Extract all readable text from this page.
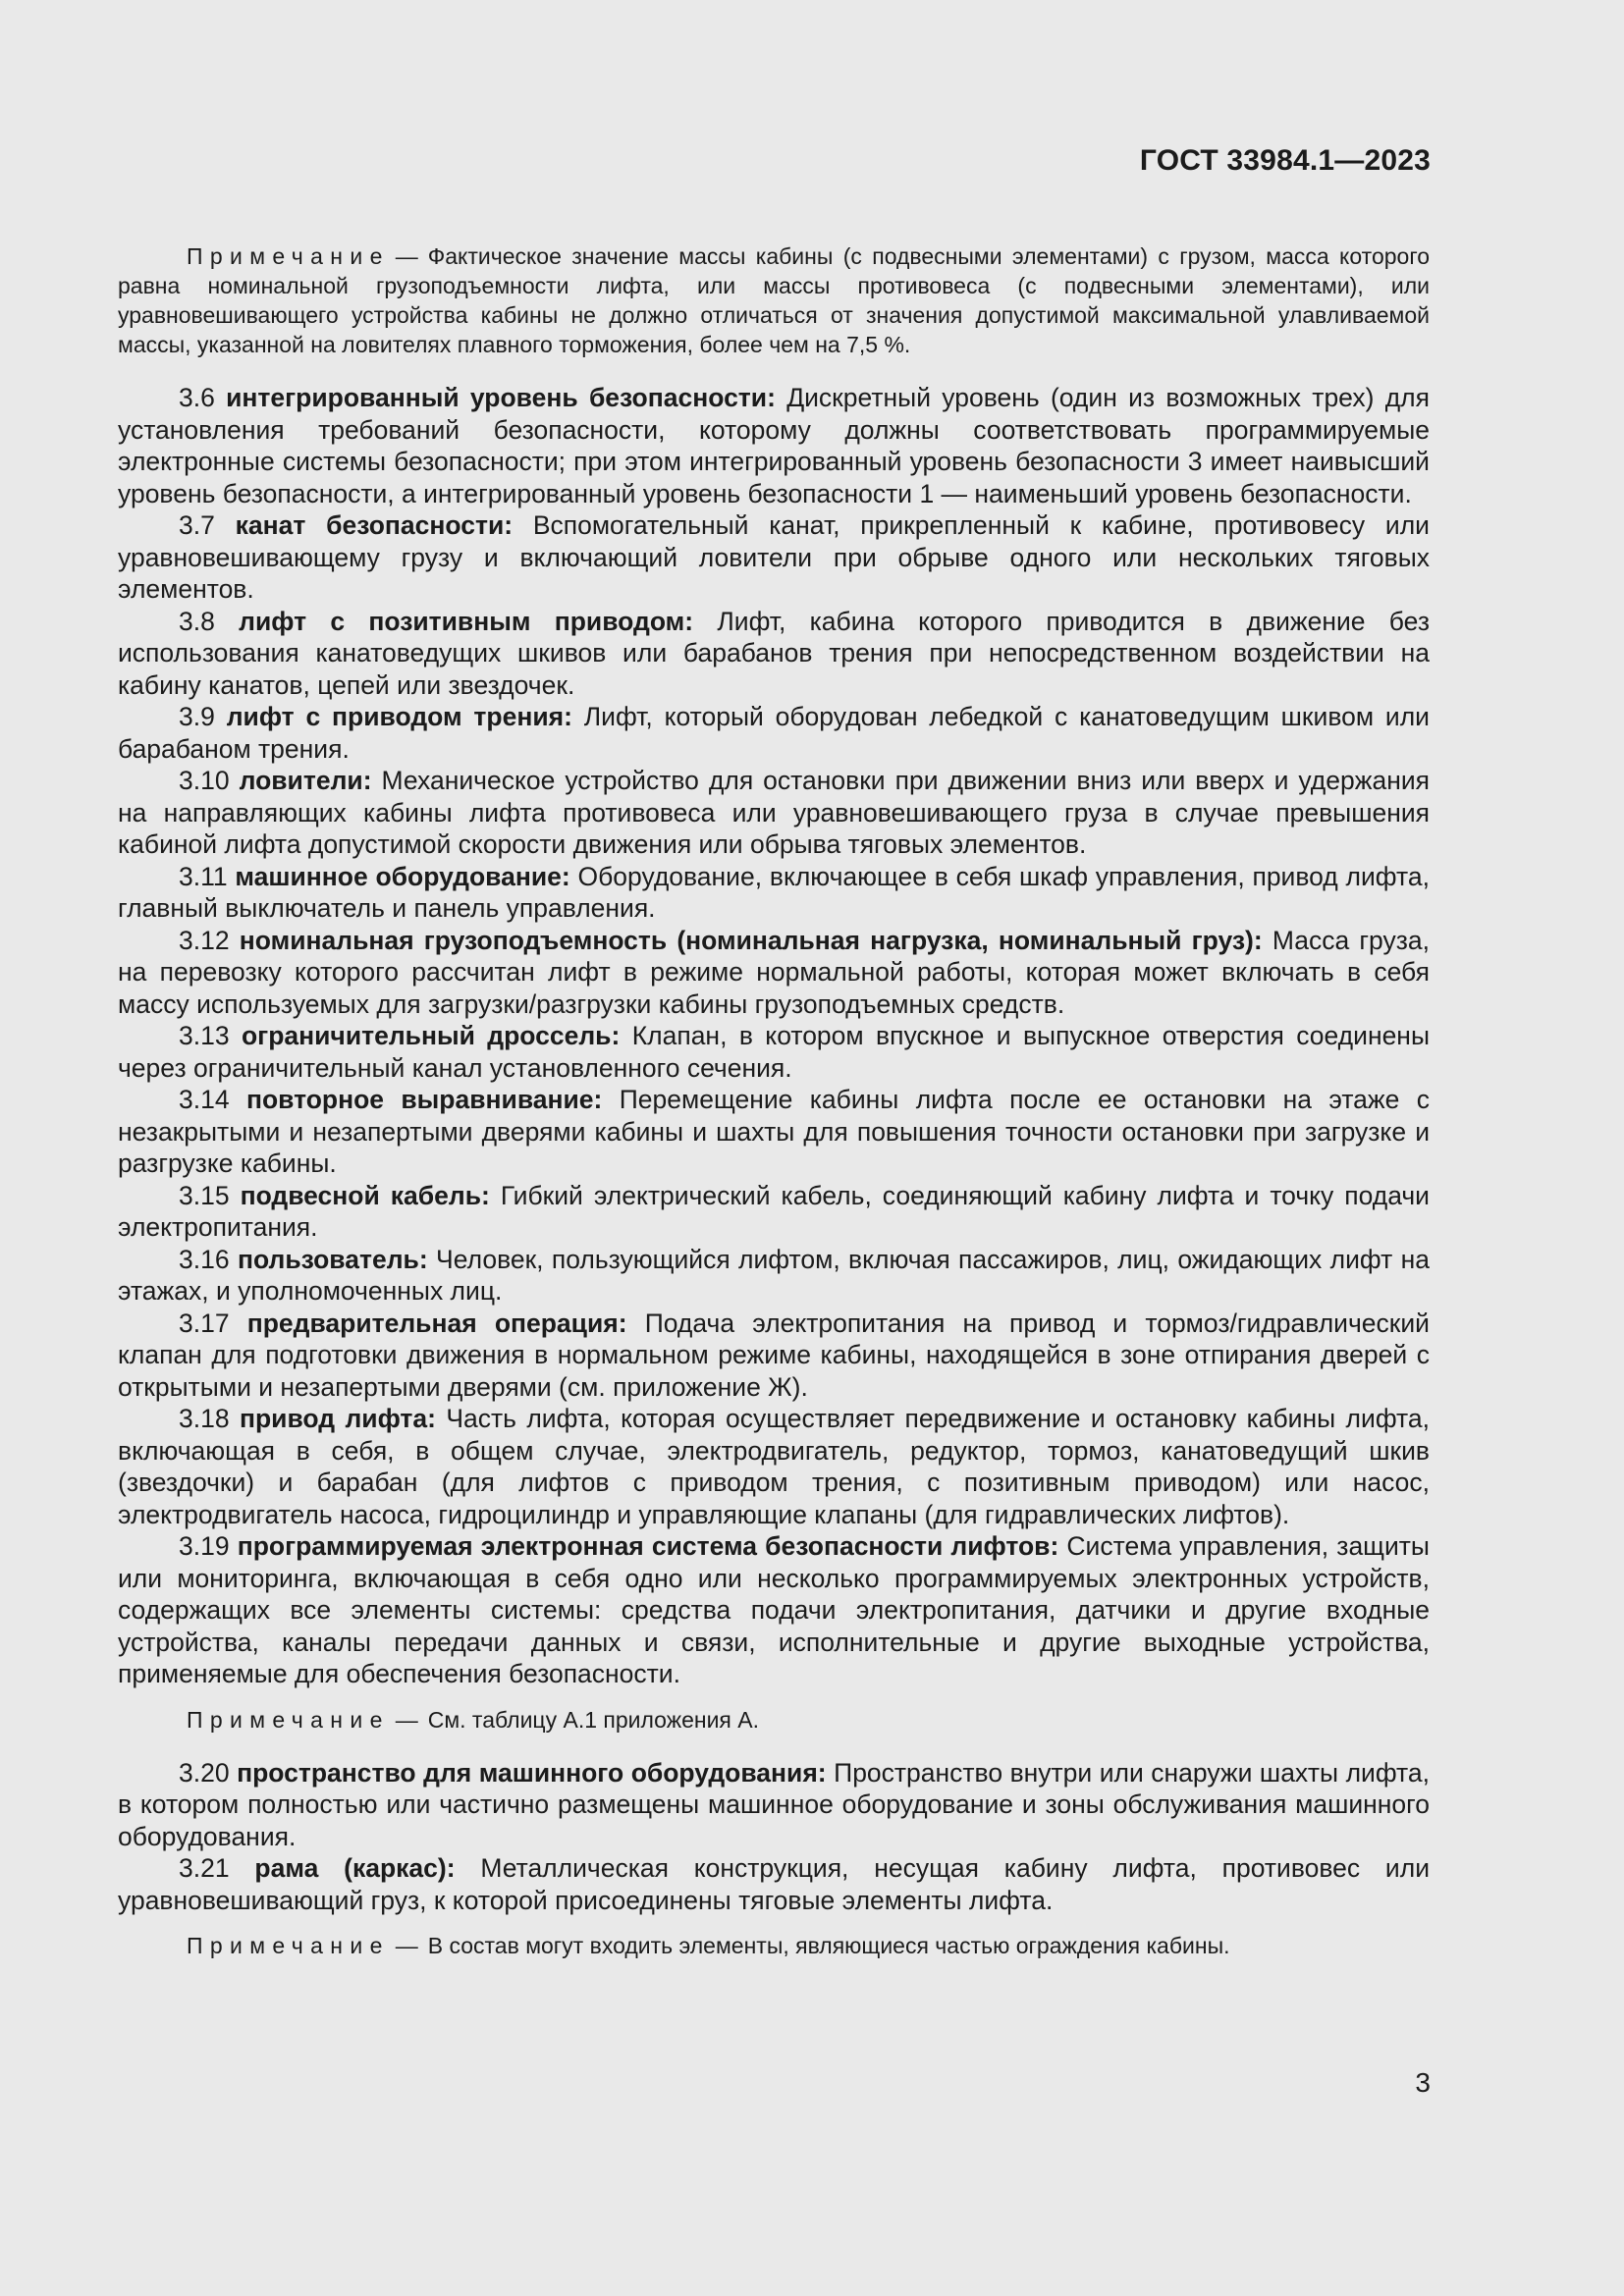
ГОСТ 33984.1—2023

Примечание — Фактическое значение массы кабины (с подвесными элементами) с грузом, масса которого равна номинальной грузоподъемности лифта, или массы противовеса (с подвесными элементами), или уравновешивающего устройства кабины не должно отличаться от значения допустимой максимальной улавливаемой массы, указанной на ловителях плавного торможения, более чем на 7,5 %.

3.6 интегрированный уровень безопасности: Дискретный уровень (один из возможных трех) для установления требований безопасности, которому должны соответствовать программируемые электронные системы безопасности; при этом интегрированный уровень безопасности 3 имеет наивысший уровень безопасности, а интегрированный уровень безопасности 1 — наименьший уровень безопасности.

3.7 канат безопасности: Вспомогательный канат, прикрепленный к кабине, противовесу или уравновешивающему грузу и включающий ловители при обрыве одного или нескольких тяговых элементов.

3.8 лифт с позитивным приводом: Лифт, кабина которого приводится в движение без использования канатоведущих шкивов или барабанов трения при непосредственном воздействии на кабину канатов, цепей или звездочек.

3.9 лифт с приводом трения: Лифт, который оборудован лебедкой с канатоведущим шкивом или барабаном трения.

3.10 ловители: Механическое устройство для остановки при движении вниз или вверх и удержания на направляющих кабины лифта противовеса или уравновешивающего груза в случае превышения кабиной лифта допустимой скорости движения или обрыва тяговых элементов.

3.11 машинное оборудование: Оборудование, включающее в себя шкаф управления, привод лифта, главный выключатель и панель управления.

3.12 номинальная грузоподъемность (номинальная нагрузка, номинальный груз): Масса груза, на перевозку которого рассчитан лифт в режиме нормальной работы, которая может включать в себя массу используемых для загрузки/разгрузки кабины грузоподъемных средств.

3.13 ограничительный дроссель: Клапан, в котором впускное и выпускное отверстия соединены через ограничительный канал установленного сечения.

3.14 повторное выравнивание: Перемещение кабины лифта после ее остановки на этаже с незакрытыми и незапертыми дверями кабины и шахты для повышения точности остановки при загрузке и разгрузке кабины.

3.15 подвесной кабель: Гибкий электрический кабель, соединяющий кабину лифта и точку подачи электропитания.

3.16 пользователь: Человек, пользующийся лифтом, включая пассажиров, лиц, ожидающих лифт на этажах, и уполномоченных лиц.

3.17 предварительная операция: Подача электропитания на привод и тормоз/гидравлический клапан для подготовки движения в нормальном режиме кабины, находящейся в зоне отпирания дверей с открытыми и незапертыми дверями (см. приложение Ж).

3.18 привод лифта: Часть лифта, которая осуществляет передвижение и остановку кабины лифта, включающая в себя, в общем случае, электродвигатель, редуктор, тормоз, канатоведущий шкив (звездочки) и барабан (для лифтов с приводом трения, с позитивным приводом) или насос, электродвигатель насоса, гидроцилиндр и управляющие клапаны (для гидравлических лифтов).

3.19 программируемая электронная система безопасности лифтов: Система управления, защиты или мониторинга, включающая в себя одно или несколько программируемых электронных устройств, содержащих все элементы системы: средства подачи электропитания, датчики и другие входные устройства, каналы передачи данных и связи, исполнительные и другие выходные устройства, применяемые для обеспечения безопасности.

Примечание — См. таблицу А.1 приложения А.

3.20 пространство для машинного оборудования: Пространство внутри или снаружи шахты лифта, в котором полностью или частично размещены машинное оборудование и зоны обслуживания машинного оборудования.

3.21 рама (каркас): Металлическая конструкция, несущая кабину лифта, противовес или уравновешивающий груз, к которой присоединены тяговые элементы лифта.

Примечание — В состав могут входить элементы, являющиеся частью ограждения кабины.

3
